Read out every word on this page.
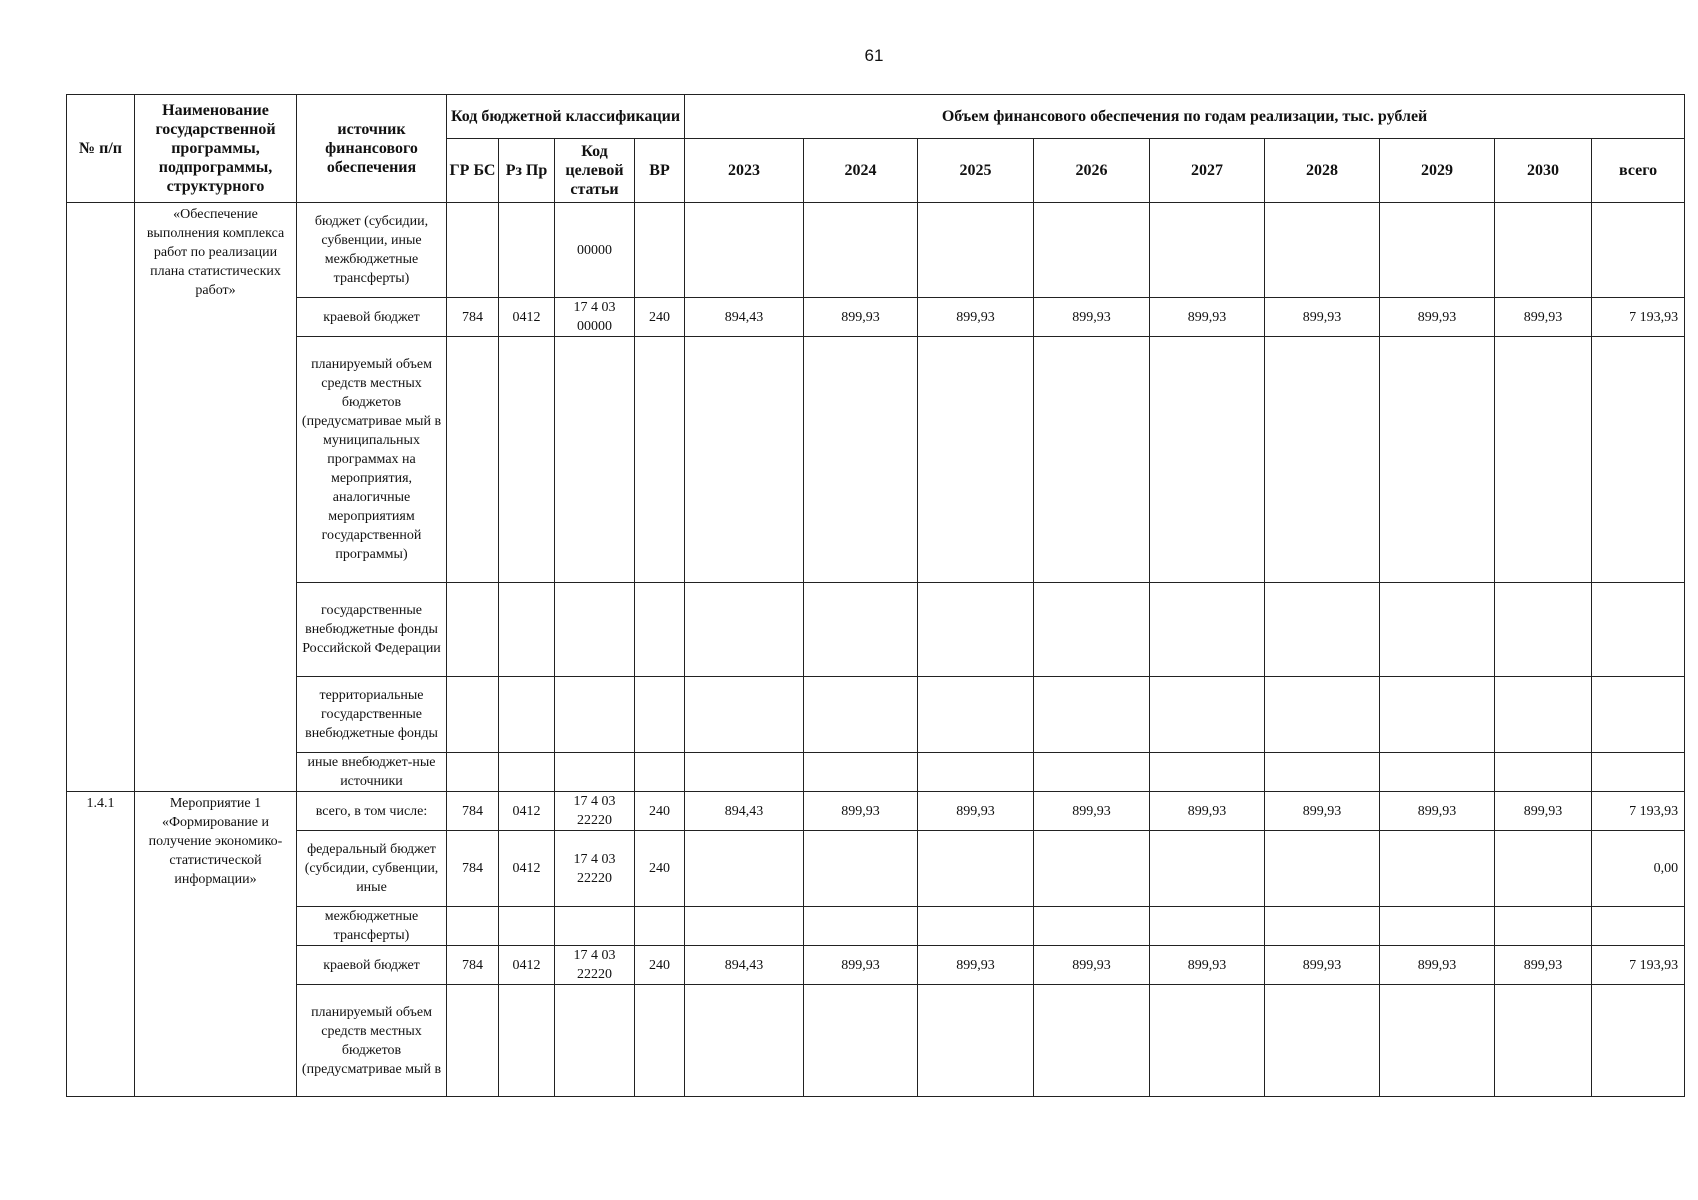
61
№ п/п	Наименование государственной программы, подпрограммы, структурного	источник финансового обеспечения	Код бюджетной классификации				Объем финансового обеспечения по годам реализации, тыс. рублей								
			ГР БС	Рз Пр	Код целевой статьи	ВР	2023	2024	2025	2026	2027	2028	2029	2030	всего
	«Обеспечение выполнения комплекса работ по реализации плана статистических работ»	бюджет (субсидии, субвенции, иные межбюджетные трансферты)			00000										
		краевой бюджет	784	0412	17 4 03 00000	240	894,43	899,93	899,93	899,93	899,93	899,93	899,93	899,93	7 193,93
		планируемый объем средств местных бюджетов (предусматривае мый в муниципальных программах на мероприятия, аналогичные мероприятиям государственной программы)													
		государственные внебюджетные фонды Российской Федерации													
		территориальные государственные внебюджетные фонды													
		иные внебюджет-ные источники													
1.4.1	Мероприятие 1 «Формирование и получение экономико-статистической информации»	всего, в том числе:	784	0412	17 4 03 22220	240	894,43	899,93	899,93	899,93	899,93	899,93	899,93	899,93	7 193,93
		федеральный бюджет (субсидии, субвенции, иные	784	0412	17 4 03 22220	240									0,00
		межбюджетные трансферты)													
		краевой бюджет	784	0412	17 4 03 22220	240	894,43	899,93	899,93	899,93	899,93	899,93	899,93	899,93	7 193,93
		планируемый объем средств местных бюджетов (предусматривае мый в													
